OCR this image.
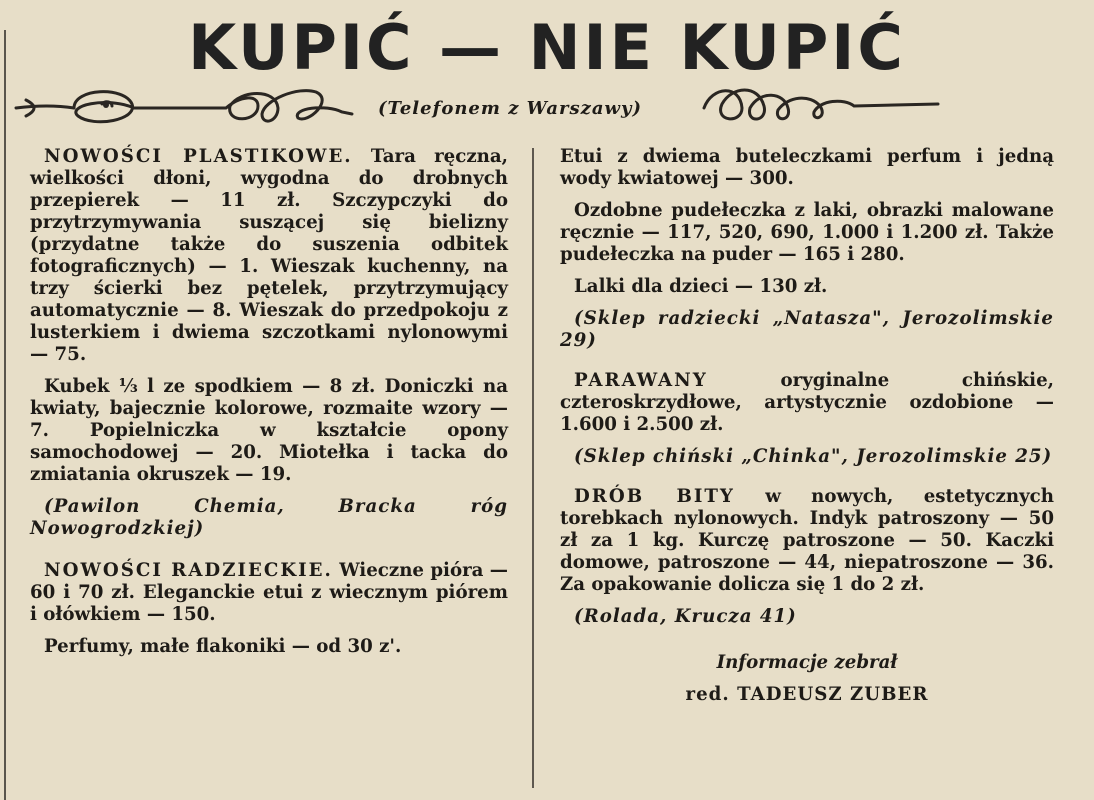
KUPIĆ — NIE KUPIĆ

(Telefonem z Warszawy)

NOWOŚCI PLASTIKOWE. Tara ręczna, wielkości dłoni, wygodna do drobnych przepierek — 11 zł. Szczypczyki do przytrzymywania suszącej się bielizny (przydatne także do suszenia odbitek fotograficznych) — 1. Wieszak kuchenny, na trzy ścierki bez pętelek, przytrzymujący automatycznie — 8. Wieszak do przedpokoju z lusterkiem i dwiema szczotkami nylonowymi — 75.

Kubek ⅓ l ze spodkiem — 8 zł. Doniczki na kwiaty, bajecznie kolorowe, rozmaite wzory — 7. Popielniczka w kształcie opony samochodowej — 20. Miotełka i tacka do zmiatania okruszek — 19.

(Pawilon Chemia, Bracka róg Nowogrodzkiej)

NOWOŚCI RADZIECKIE. Wieczne pióra — 60 i 70 zł. Eleganckie etui z wiecznym piórem i ołówkiem — 150.

Perfumy, małe flakoniki — od 30 z'.

Etui z dwiema buteleczkami perfum i jedną wody kwiatowej — 300.

Ozdobne pudełeczka z laki, obrazki malowane ręcznie — 117, 520, 690, 1.000 i 1.200 zł. Także pudełeczka na puder — 165 i 280.

Lalki dla dzieci — 130 zł.

(Sklep radziecki „Natasza", Jerozolimskie 29)

PARAWANY	oryginalne chińskie, czteroskrzydłowe, artystycznie ozdobione — 1.600 i 2.500 zł.

(Sklep chiński „Chinka", Jerozolimskie 25)

DRÓB BITY w nowych, estetycznych torebkach nylonowych. Indyk patroszony — 50 zł za 1 kg. Kurczę patroszone — 50. Kaczki domowe, patroszone — 44, niepatroszone — 36. Za opakowanie dolicza się 1 do 2 zł.

(Rolada, Krucza 41)

Informacje zebrał

red. TADEUSZ ZUBER
